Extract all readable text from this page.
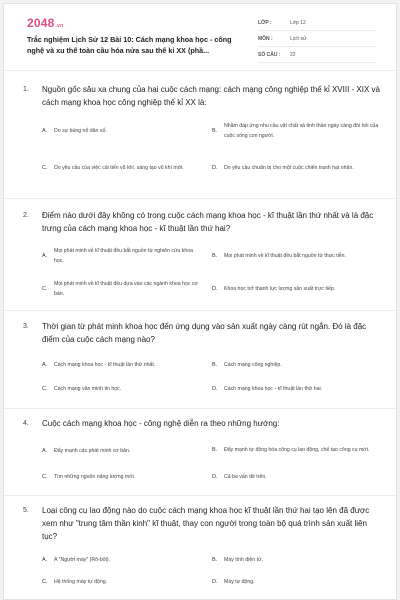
2048.vn
Trắc nghiệm Lịch Sử 12 Bài 10: Cách mạng khoa học - công nghệ và xu thế toàn cầu hóa nửa sau thế kỉ XX (phầ...
LỚP :	Lớp 12
MÔN :	Lịch sử
SỐ CÂU :	22
1.	Nguồn gốc sâu xa chung của hai cuộc cách mạng: cách mạng công nghiệp thế kỉ XVIII - XIX và cách mạng khoa học công nghiệp thế kỉ XX là:
A.	Do sự bùng nổ dân số.	B.
Nhằm đáp ứng nhu cầu vật chất và tinh thần ngày càng đòi hỏi của cuộc sống con người.
C.	Do yêu cầu của việc cải tiến vũ khí, sáng tạo vũ khí mới.	D.	Do yêu cầu chuẩn bị cho một cuộc chiến tranh hạt nhân.
2.	Điểm nào dưới đây không có trong cuộc cách mạng khoa học - kĩ thuật lần thứ nhất và là đặc trưng của cách mạng khoa học - kĩ thuật lần thứ hai?
A.
Mọi phát minh về kĩ thuật đều bắt nguồn từ nghiên cứu khoa học.
B.	Mọi phát minh về kĩ thuật đều bắt nguồn từ thực tiễn.
C.
Mọi phát minh về kĩ thuật đều dựa vào các ngành khoa học cơ bản.
D.	Khoa học trở thành lực lượng sản xuất trực tiếp.
3.	Thời gian từ phát minh khoa học đến ứng dụng vào sản xuất ngày càng rút ngắn. Đó là đặc điểm của cuộc cách mạng nào?
A.	Cách mạng khoa học - kĩ thuật lần thứ nhất.	B.	Cách mạng công nghiệp.
C.	Cách mạng văn minh tin học.	D.	Cách mạng khoa học - kĩ thuật lần thứ hai.
4.	Cuộc cách mạng khoa học - công nghệ diễn ra theo những hướng:
A.	Đẩy mạnh các phát minh cơ bản.	B.	Đẩy mạnh tự động hóa công cụ lao động, chế tạo công cụ mới.
C.	Tìm những nguồn năng lượng mới.	D.	Cả ba vấn đề trên.
5.	Loại công cụ lao động nào do cuộc cách mạng khoa học kĩ thuật lần thứ hai tạo lên đã được xem như "trung tâm thần kinh" kĩ thuật, thay con người trong toàn bộ quá trình sản xuất liên tục?
A.	A "Người máy" (Rô-bốt).	B.	Máy tính điện tử.
C.	Hệ thống máy tự động.	D.	Máy tự động.
